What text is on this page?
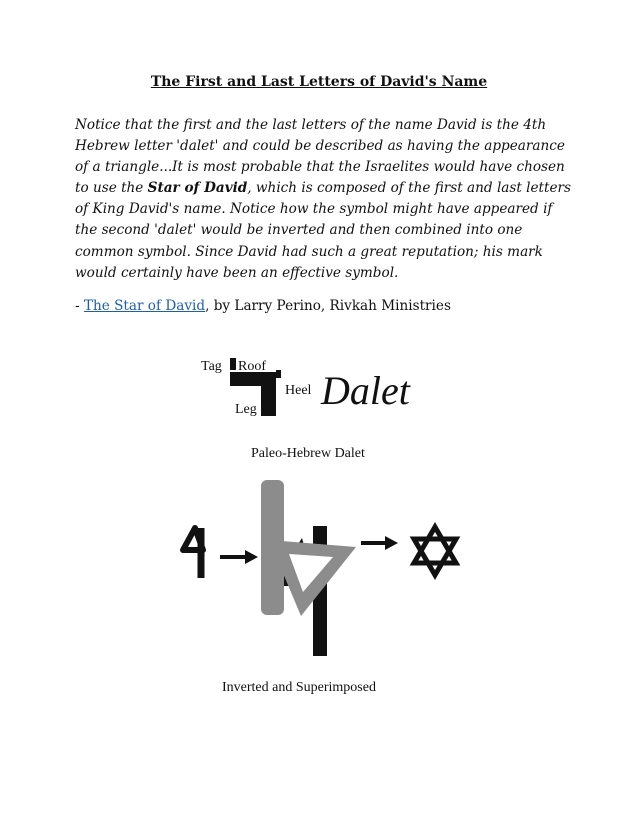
The First and Last Letters of David's Name
Notice that the first and the last letters of the name David is the 4th Hebrew letter 'dalet' and could be described as having the appearance of a triangle...It is most probable that the Israelites would have chosen to use the Star of David, which is composed of the first and last letters of King David's name. Notice how the symbol might have appeared if the second 'dalet' would be inverted and then combined into one common symbol. Since David had such a great reputation; his mark would certainly have been an effective symbol.
- The Star of David, by Larry Perino, Rivkah Ministries
Tag Roof
Heel
Leg Dalet
Paleo-Hebrew Dalet
Inverted and Superimposed
